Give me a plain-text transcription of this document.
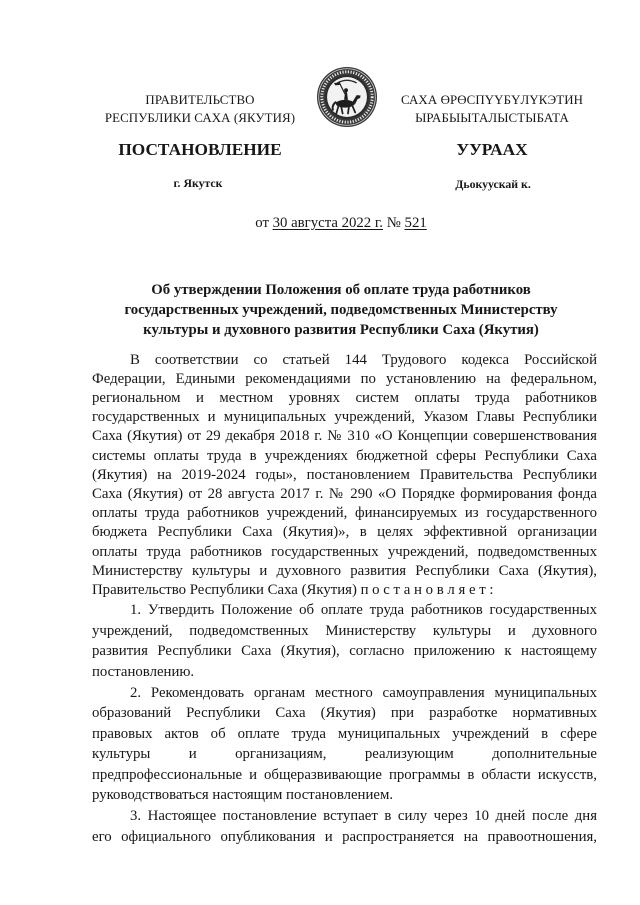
ПРАВИТЕЛЬСТВО
РЕСПУБЛИКИ САХА (ЯКУТИЯ)
САХА ӨРӨСПҮҮБҮЛҮКЭТИН
ЫРАБЫЫТАЛЫСТЫБАТА
ПОСТАНОВЛЕНИЕ	УУРААХ
г. Якутск	Дьокуускай к.
от 30 августа 2022 г. № 521
Об утверждении Положения об оплате труда работников
государственных учреждений, подведомственных Министерству
культуры и духовного развития Республики Саха (Якутия)
В соответствии со статьей 144 Трудового кодекса Российской
Федерации, Едиными рекомендациями по установлению на федеральном,
региональном и местном уровнях систем оплаты труда работников
государственных и муниципальных учреждений, Указом Главы Республики
Саха (Якутия) от 29 декабря 2018 г. № 310 «О Концепции совершенствования
системы оплаты труда в учреждениях бюджетной сферы Республики Саха
(Якутия) на 2019-2024 годы», постановлением Правительства Республики
Саха (Якутия) от 28 августа 2017 г. № 290 «О Порядке формирования фонда
оплаты труда работников учреждений, финансируемых из государственного
бюджета Республики Саха (Якутия)», в целях эффективной организации
оплаты труда работников государственных учреждений, подведомственных
Министерству культуры и духовного развития Республики Саха (Якутия),
Правительство Республики Саха (Якутия) п о с т а н о в л я е т :
1. Утвердить Положение об оплате труда работников государственных
учреждений, подведомственных Министерству культуры и духовного
развития Республики Саха (Якутия), согласно приложению к настоящему
постановлению.
2. Рекомендовать органам местного самоуправления муниципальных
образований Республики Саха (Якутия) при разработке нормативных
правовых актов об оплате труда муниципальных учреждений в сфере
культуры и организациям, реализующим дополнительные
предпрофессиональные и общеразвивающие программы в области искусств,
руководствоваться настоящим постановлением.
3. Настоящее постановление вступает в силу через 10 дней после дня
его официального опубликования и распространяется на правоотношения,
